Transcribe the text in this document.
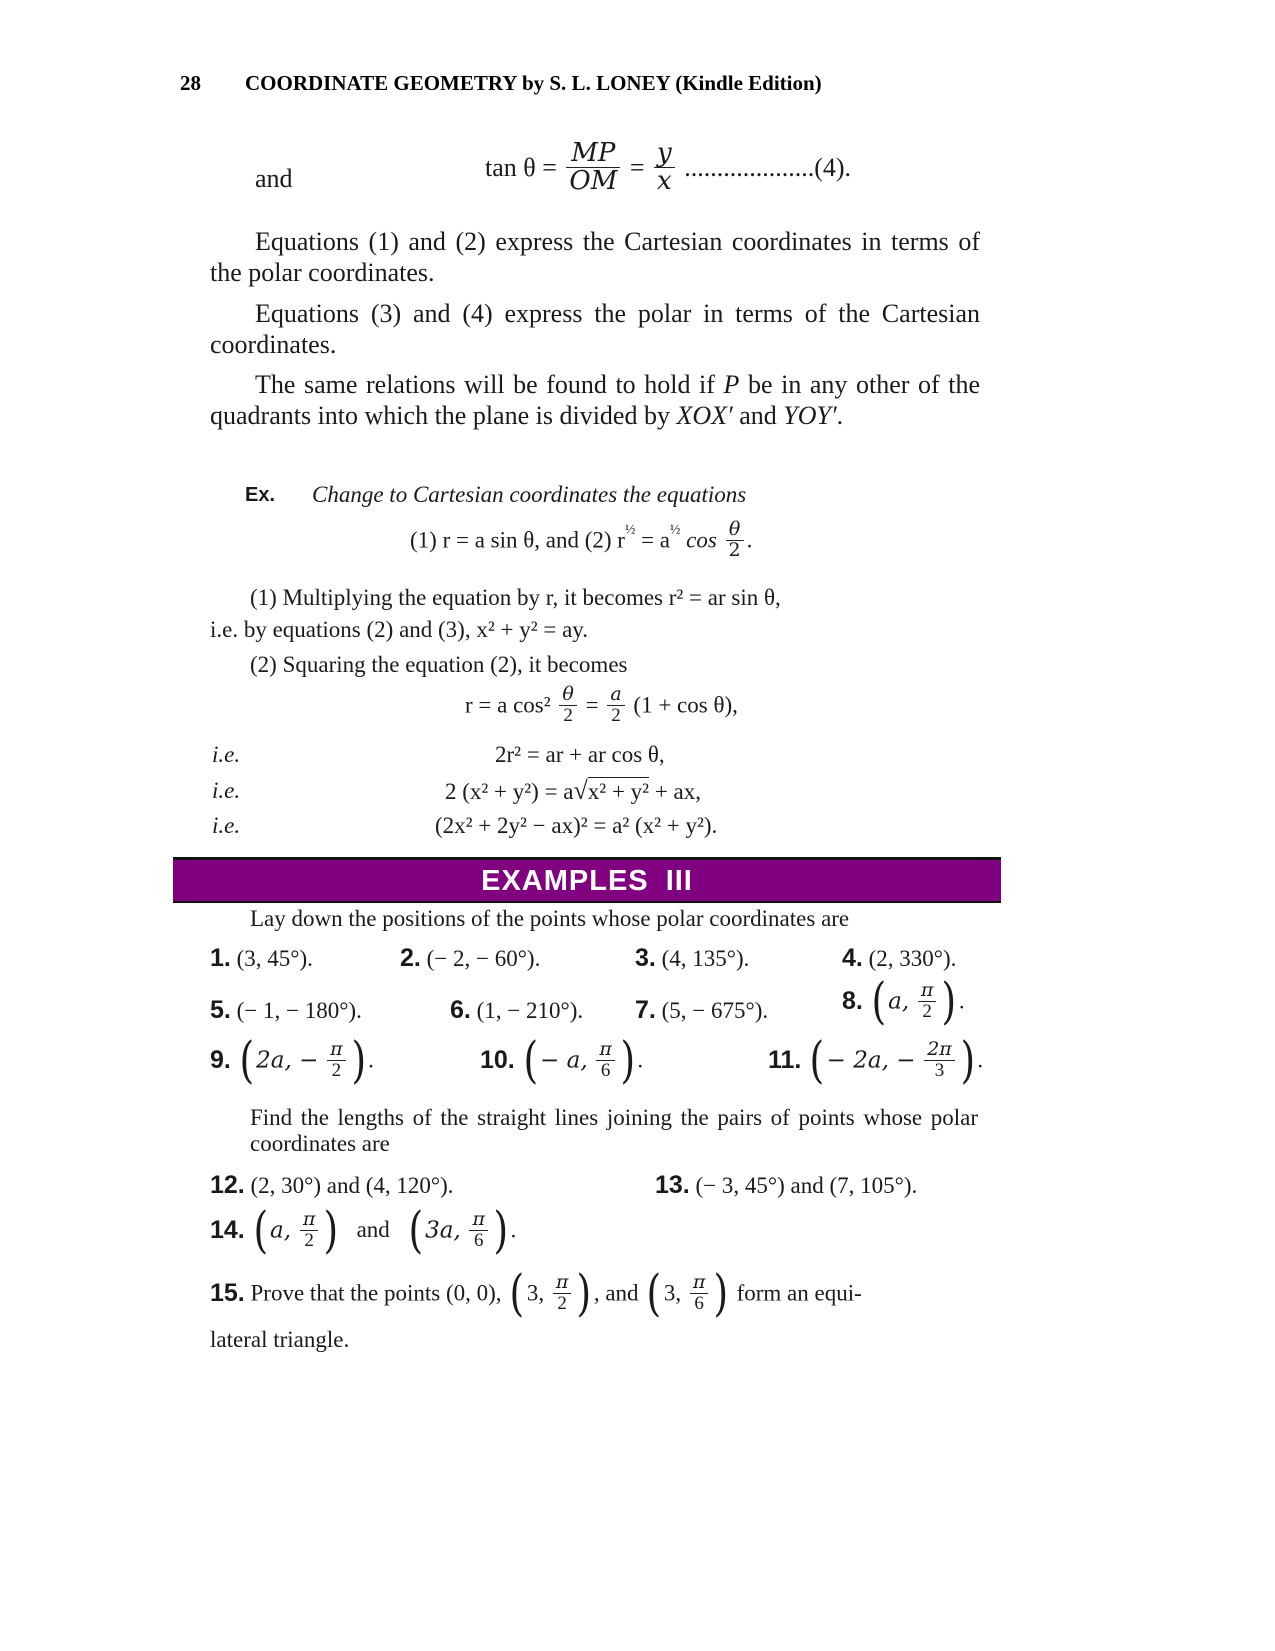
28 COORDINATE GEOMETRY by S. L. LONEY (Kindle Edition)
and	$\tan \theta = \frac{MP}{OM} = \frac{y}{x} ....................(4)$.
Equations (1) and (2) express the Cartesian coordinates in terms of the polar coordinates.
Equations (3) and (4) express the polar in terms of the Cartesian coordinates.
The same relations will be found to hold if P be in any other of the quadrants into which the plane is divided by XOX′ and YOY′.
Ex. Change to Cartesian coordinates the equations
(1) r = a sin θ, and (2) $r^{\frac{1}{2}} = a^{\frac{1}{2}}$ $\cos \frac{\theta}{2}$ .
(1) Multiplying the equation by r, it becomes r² = ar sin θ,
i.e. by equations (2) and (3), x² + y² = ay.
(2) Squaring the equation (2), it becomes
r = a $\cos^2 \frac{\theta}{2} = \frac{a}{2} (1 + \cos \theta)$,
i.e.	2r² = ar + ar cos θ,
i.e.	2 (x² + y²) = a√x² + y² + ax,
i.e.	(2x² + 2y² − ax)² = a² (x² + y²).
EXAMPLES III
Lay down the positions of the points whose polar coordinates are
1. (3, 45°).	2. (− 2, − 60°).	3. (4, 135°).	4. (2, 330°).
5. (− 1, − 180°).	6. (1, − 210°). 7. (5, − 675°).	8. ( a, $\frac{\pi}{2}$ ) .
9. ( 2a, − $\frac{\pi}{2}$ ) .	10. ( − a, $\frac{\pi}{6}$ ) .	11. ( − 2a, − $\frac{2\pi}{3}$ ) .
Find the lengths of the straight lines joining the pairs of points whose polar coordinates are
12. (2, 30°) and (4, 120°).	13. (− 3, 45°) and (7, 105°).
14. ( a, $\frac{\pi}{2}$ ) and ( 3a, $\frac{\pi}{6}$ ) .
15. Prove that the points (0, 0), ( 3, $\frac{\pi}{2}$ ) , and ( 3, $\frac{\pi}{6}$ ) form an equi-
lateral triangle.
